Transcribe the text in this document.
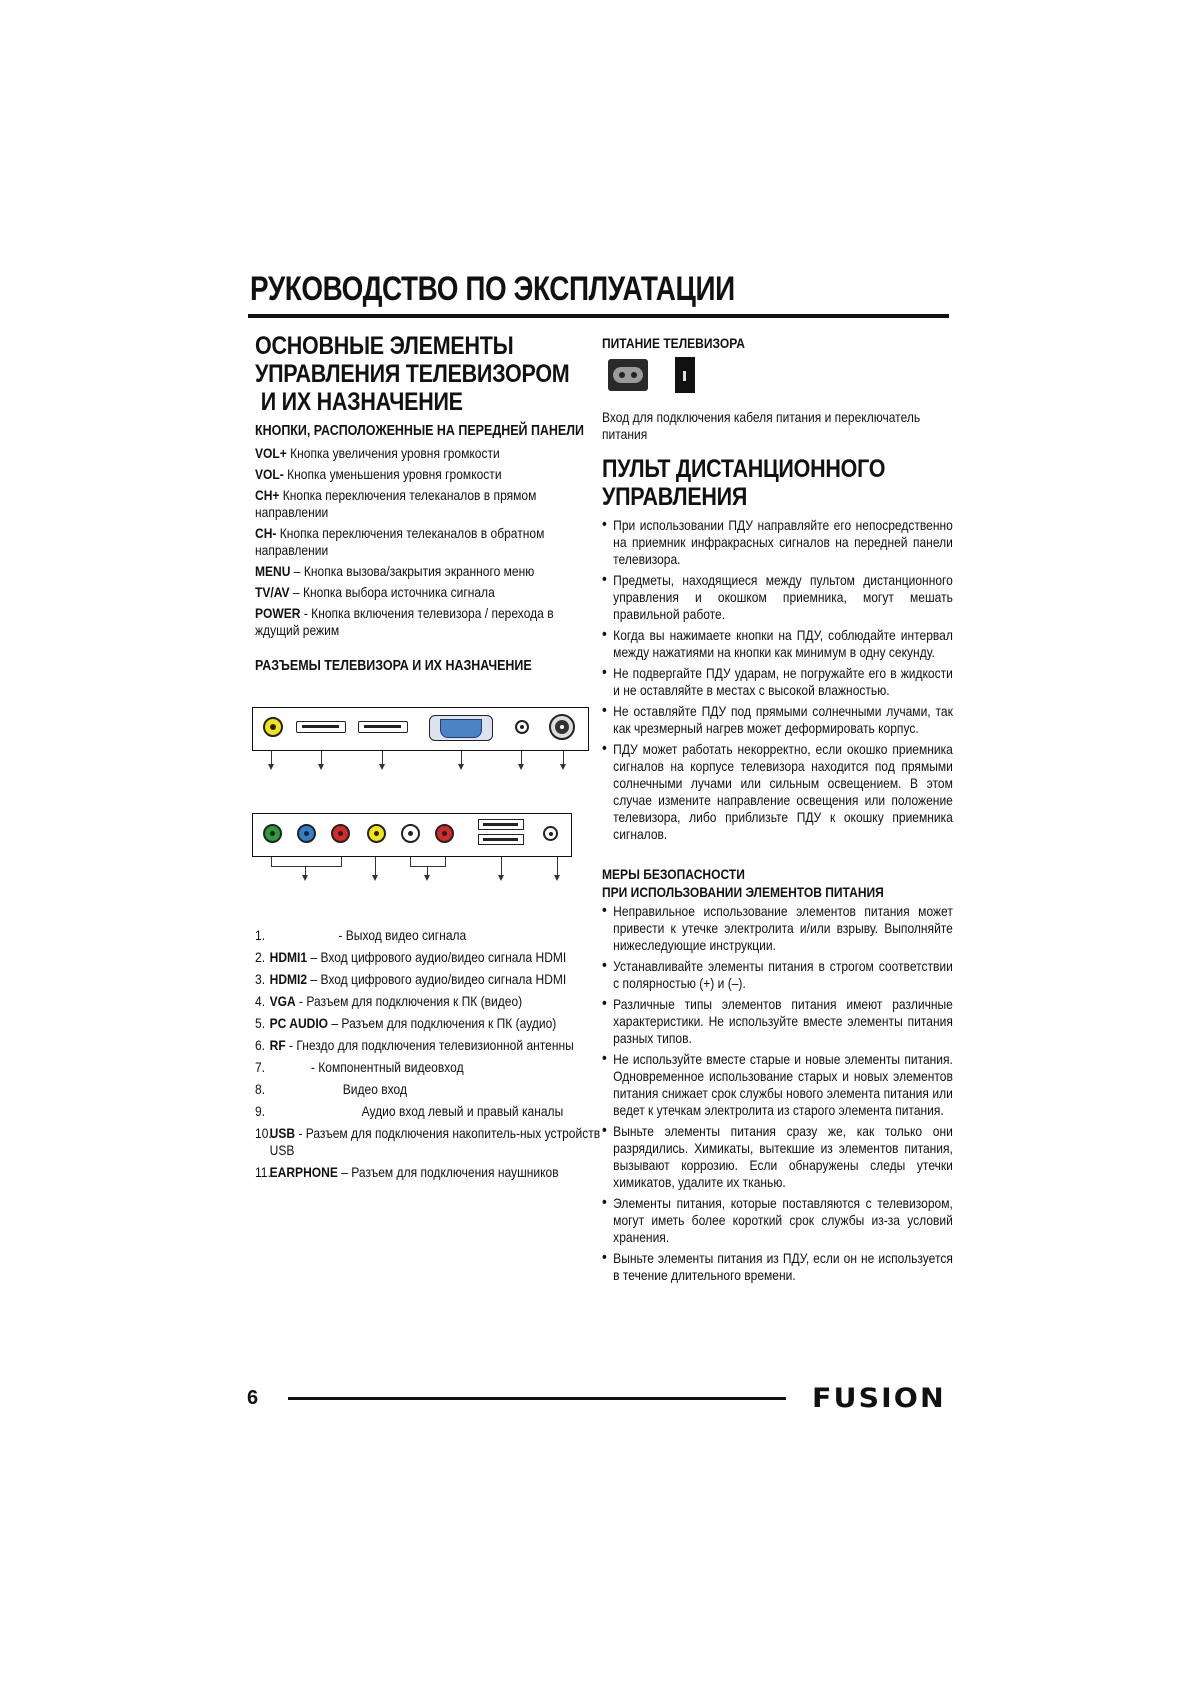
РУКОВОДСТВО ПО ЭКСПЛУАТАЦИИ
ОСНОВНЫЕ ЭЛЕМЕНТЫ
УПРАВЛЕНИЯ ТЕЛЕВИЗОРОМ
И ИХ НАЗНАЧЕНИЕ
КНОПКИ, РАСПОЛОЖЕННЫЕ НА ПЕРЕДНЕЙ ПАНЕЛИ
VOL+ Кнопка увеличения уровня громкости
VOL- Кнопка уменьшения уровня громкости
CH+ Кнопка переключения телеканалов в прямом направлении
CH- Кнопка переключения телеканалов в обратном направлении
MENU – Кнопка вызова/закрытия экранного меню
TV/AV – Кнопка выбора источника сигнала
POWER - Кнопка включения телевизора / перехода в ждущий режим
РАЗЪЕМЫ ТЕЛЕВИЗОРА И ИХ НАЗНАЧЕНИЕ
1.	- Выход видео сигнала
2. HDMI1 – Вход цифрового аудио/видео сигнала HDMI
3. HDMI2 – Вход цифрового аудио/видео сигнала HDMI
4. VGA - Разъем для подключения к ПК (видео)
5. PC AUDIO – Разъем для подключения к ПК (аудио)
6. RF - Гнездо для подключения телевизионной антенны
7.	- Компонентный видеовход
8.	Видео вход
9.	Аудио вход левый и правый каналы
10.
USB - Разъем для подключения накопитель-ных устройств USB
11.
EARPHONE – Разъем для подключения наушников
ПИТАНИЕ ТЕЛЕВИЗОРА
Вход для подключения кабеля питания и переключатель питания
ПУЛЬТ ДИСТАНЦИОННОГО
УПРАВЛЕНИЯ
• При использовании ПДУ направляйте его непосредственно на приемник инфракрасных сигналов на передней панели телевизора.
• Предметы, находящиеся между пультом дистанционного управления и окошком приемника, могут мешать правильной работе.
• Когда вы нажимаете кнопки на ПДУ, соблюдайте интервал между нажатиями на кнопки как минимум в одну секунду.
• Не подвергайте ПДУ ударам, не погружайте его в жидкости и не оставляйте в местах с высокой влажностью.
• Не оставляйте ПДУ под прямыми солнечными лучами, так как чрезмерный нагрев может деформировать корпус.
• ПДУ может работать некорректно, если окошко приемника сигналов на корпусе телевизора находится под прямыми солнечными лучами или сильным освещением. В этом случае измените направление освещения или положение телевизора, либо приблизьте ПДУ к окошку приемника сигналов.
МЕРЫ БЕЗОПАСНОСТИ
ПРИ ИСПОЛЬЗОВАНИИ ЭЛЕМЕНТОВ ПИТАНИЯ
• Неправильное использование элементов питания может привести к утечке электролита и/или взрыву. Выполняйте нижеследующие инструкции.
• Устанавливайте элементы питания в строгом соответствии с полярностью (+) и (–).
• Различные типы элементов питания имеют различные характеристики. Не используйте вместе элементы питания разных типов.
• Не используйте вместе старые и новые элементы питания. Одновременное использование старых и новых элементов питания снижает срок службы нового элемента питания или ведет к утечкам электролита из старого элемента питания.
• Выньте элементы питания сразу же, как только они разрядились. Химикаты, вытекшие из элементов питания, вызывают коррозию. Если обнаружены следы утечки химикатов, удалите их тканью.
• Элементы питания, которые поставляются с телевизором, могут иметь более короткий срок службы из-за условий хранения.
• Выньте элементы питания из ПДУ, если он не используется в течение длительного времени.
6	FUSION
